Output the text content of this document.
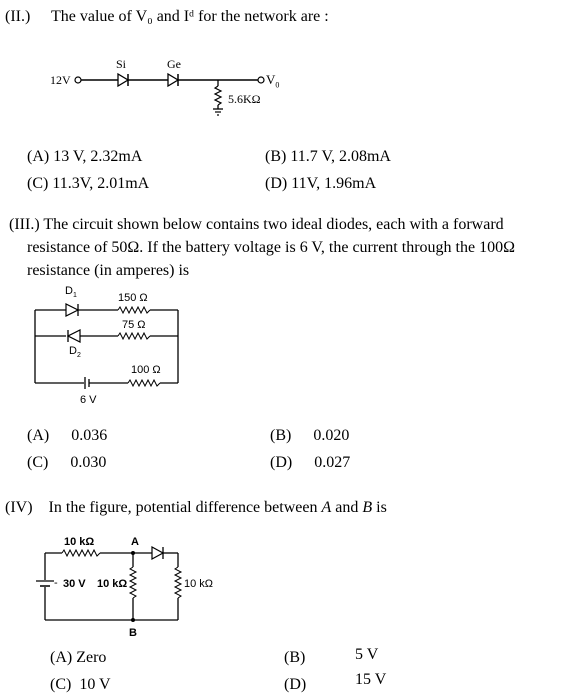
(II.) The value of V₀ and Iᵈ for the network are :
12V
Si	Ge
5.6KΩ
$V_0$
(A) 13 V, 2.32mA	(B) 11.7 V, 2.08mA
(C) 11.3V, 2.01mA	(D) 11V, 1.96mA
(III.) The circuit shown below contains two ideal diodes, each with a forward
resistance of 50Ω. If the battery voltage is 6 V, the current through the 100Ω
resistance (in amperes) is
$D_1$	150 Ω
75 Ω
$D_2$
100 Ω
6 V
(A) 0.036	(B) 0.020
(C) 0.030	(D) 0.027
(IV) In the figure, potential difference between A and B is
10 kΩ	A
30 V 10 kΩ	10 kΩ
B
-
(A) Zero	(B)	5 V
(C) 10 V	(D)	15 V
